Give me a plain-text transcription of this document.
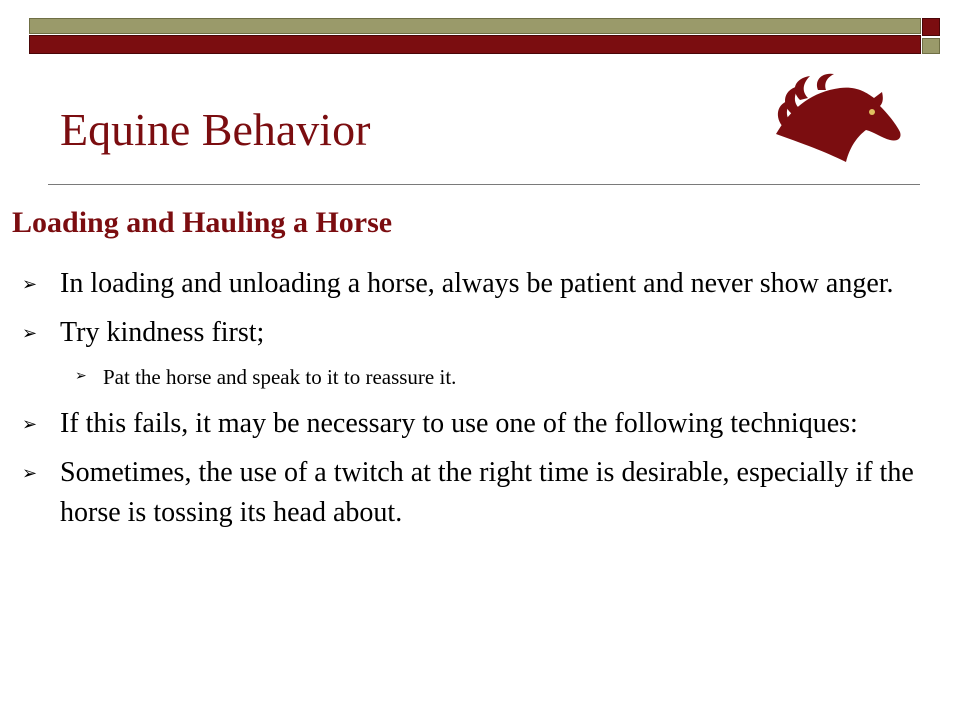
Equine Behavior
Loading and Hauling a Horse
➢ In loading and unloading a horse, always be patient and never show anger.
➢ Try kindness first;
➢ Pat the horse and speak to it to reassure it.
➢ If this fails, it may be necessary to use one of the following techniques:
➢ Sometimes, the use of a twitch at the right time is desirable, especially if the horse is tossing its head about.
